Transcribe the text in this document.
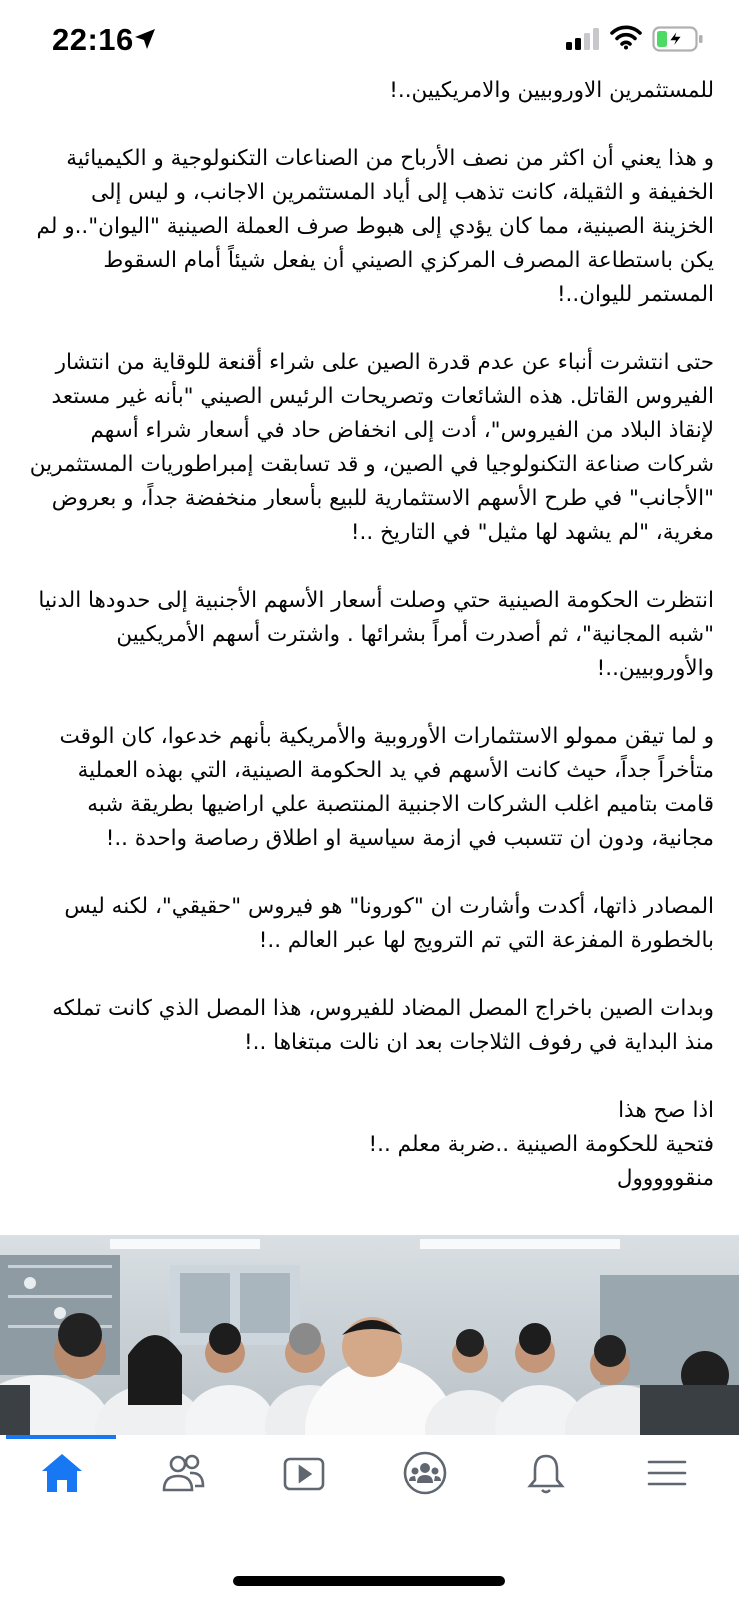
22:16

للمستثمرين الاوروبيين والامريكيين..!

و هذا يعني أن اكثر من نصف الأرباح من الصناعات التكنولوجية و الكيميائية الخفيفة و الثقيلة، كانت تذهب إلى أياد المستثمرين الاجانب، و ليس إلى الخزينة الصينية، مما كان يؤدي إلى هبوط صرف العملة الصينية "اليوان"..و لم يكن باستطاعة المصرف المركزي الصيني أن يفعل شيئاً أمام السقوط المستمر لليوان..!

حتى انتشرت أنباء عن عدم قدرة الصين على شراء أقنعة للوقاية من انتشار الفيروس القاتل. هذه الشائعات وتصريحات الرئيس الصيني "بأنه غير مستعد لإنقاذ البلاد من الفيروس"، أدت إلى انخفاض حاد في أسعار شراء أسهم شركات صناعة التكنولوجيا في الصين، و قد تسابقت إمبراطوريات المستثمرين "الأجانب" في طرح الأسهم الاستثمارية للبيع بأسعار منخفضة جداً، و بعروض مغرية، "لم يشهد لها مثيل" في التاريخ ..!

انتظرت الحكومة الصينية حتي وصلت أسعار الأسهم الأجنبية إلى حدودها الدنيا "شبه المجانية"، ثم أصدرت أمراً بشرائها . واشترت أسهم الأمريكيين والأوروبيين..!

و لما تيقن ممولو الاستثمارات الأوروبية والأمريكية بأنهم خدعوا، كان الوقت متأخراً جداً، حيث كانت الأسهم في يد الحكومة الصينية، التي بهذه العملية قامت بتاميم اغلب الشركات الاجنبية المنتصبة علي اراضيها بطريقة شبه مجانية، ودون ان تتسبب في ازمة سياسية او اطلاق رصاصة واحدة ..!

المصادر ذاتها، أكدت وأشارت ان "كورونا" هو فيروس "حقيقي"، لكنه ليس بالخطورة المفزعة التي تم الترويج لها عبر العالم ..!

وبدات الصين باخراج المصل المضاد للفيروس، هذا المصل الذي كانت تملكه منذ البداية في رفوف الثلاجات بعد ان نالت مبتغاها ..!

اذا صح هذا
فتحية للحكومة الصينية ..ضربة معلم ..!
منقووووول
